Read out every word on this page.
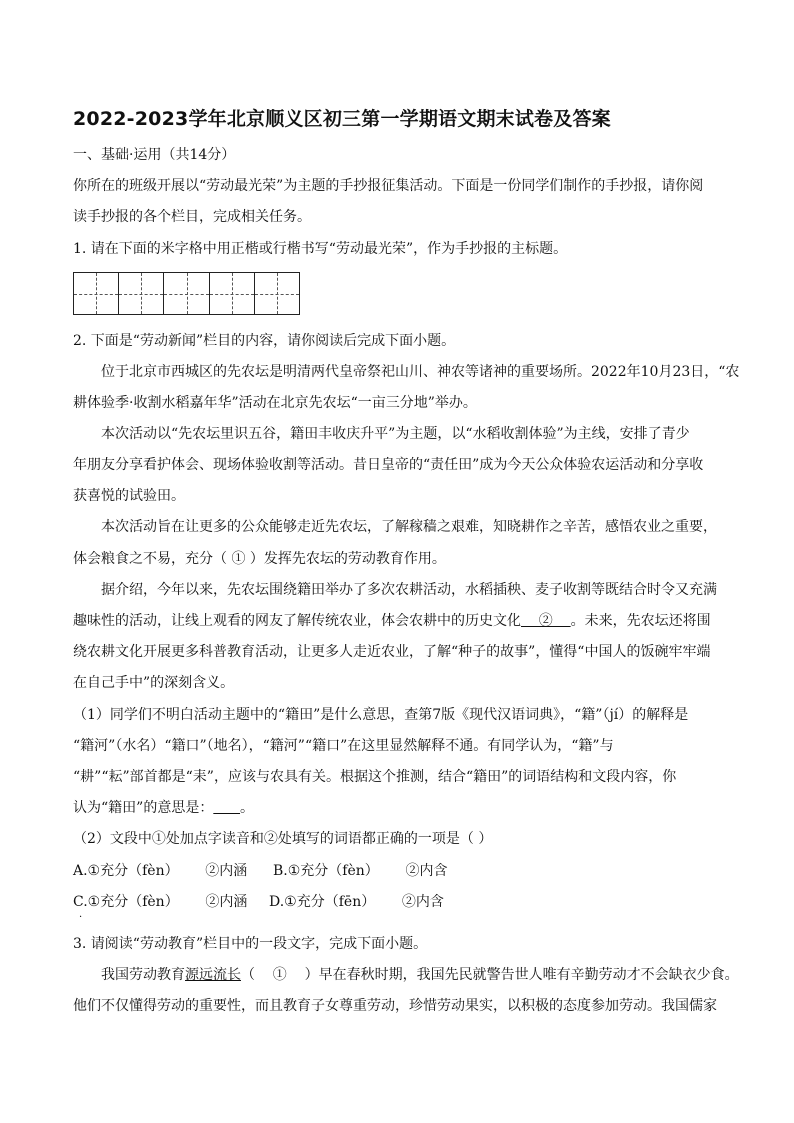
2022-2023学年北京顺义区初三第一学期语文期末试卷及答案
一、基础·运用（共14分）
你所在的班级开展以“劳动最光荣”为主题的手抄报征集活动。下面是一份同学们制作的手抄报，请你阅
读手抄报的各个栏目，完成相关任务。
1. 请在下面的米字格中用正楷或行楷书写“劳动最光荣”，作为手抄报的主标题。
2. 下面是“劳动新闻”栏目的内容，请你阅读后完成下面小题。
位于北京市西城区的先农坛是明清两代皇帝祭祀山川、神农等诸神的重要场所。2022年10月23日，“农
耕体验季·收割水稻嘉年华”活动在北京先农坛“一亩三分地”举办。
本次活动以“先农坛里识五谷，籍田丰收庆升平”为主题，以“水稻收割体验”为主线，安排了青少
年朋友分享看护体会、现场体验收割等活动。昔日皇帝的“责任田”成为今天公众体验农运活动和分享收
获喜悦的试验田。
本次活动旨在让更多的公众能够走近先农坛，了解稼穑之艰难，知晓耕作之辛苦，感悟农业之重要，
体会粮食之不易，充分（ ① ）发挥先农坛的劳动教育作用。
据介绍，今年以来，先农坛围绕籍田举办了多次农耕活动，水稻插秧、麦子收割等既结合时令又充满
趣味性的活动，让线上观看的网友了解传统农业，体会农耕中的历史文化    ②    。未来，先农坛还将围
绕农耕文化开展更多科普教育活动，让更多人走近农业，了解“种子的故事”，懂得“中国人的饭碗牢牢端
在自己手中”的深刻含义。
（1）同学们不明白活动主题中的“籍田”是什么意思，查第7版《现代汉语词典》，“籍”（jí）的解释是
“籍河”（水名）“籍口”（地名），“籍河”“籍口”在这里显然解释不通。有同学认为，“籍”与
“耕”“耘”部首都是“耒”，应该与农具有关。根据这个推测，结合“籍田”的词语结构和文段内容，你
认为“籍田”的意思是： 。
（2）文段中①处加点字读音和②处填写的词语都正确的一项是（ ）
A.①充分（fèn）      ②内涵 B.①充分（fèn）      ②内含
C.①充分（fèn）      ②内涵 D.①充分（fēn）      ②内含
·
3. 请阅读“劳动教育”栏目中的一段文字，完成下面小题。
我国劳动教育源远流长（    ①    ）早在春秋时期，我国先民就警告世人唯有辛勤劳动才不会缺衣少食。
他们不仅懂得劳动的重要性，而且教育子女尊重劳动，珍惜劳动果实，以积极的态度参加劳动。我国儒家
